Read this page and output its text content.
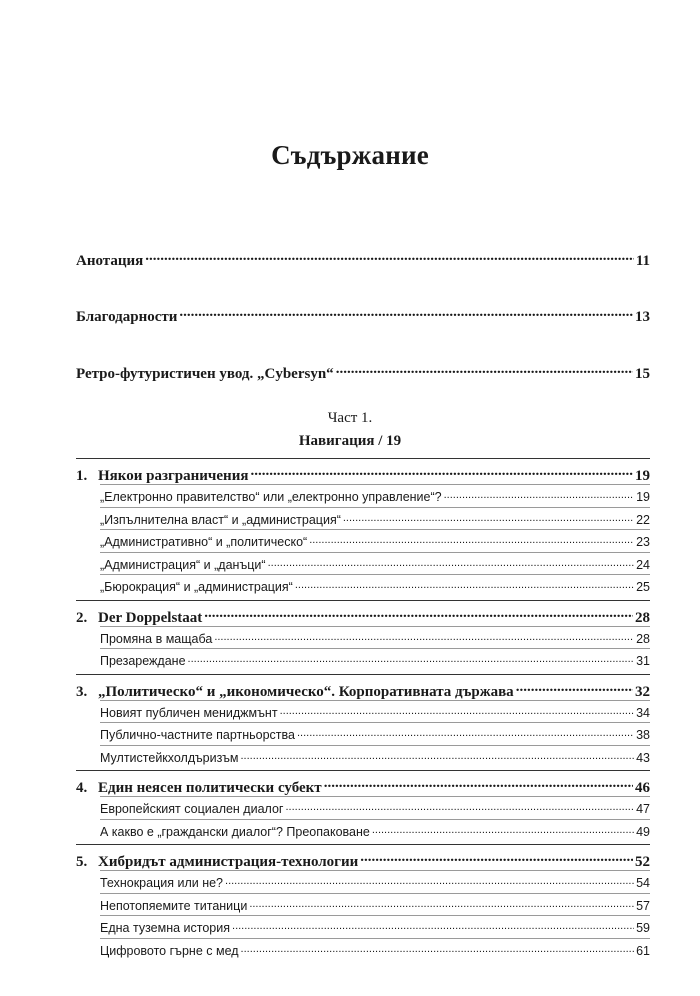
Съдържание
Анотация .....	11
Благодарности .....	13
Ретро-футуристичен увод. „Cybersyn“ .....	15
Част 1.
Навигация / 19
1. Някои разграничения .....	19
„Електронно правителство“ или „електронно управление“? .....	19
„Изпълнителна власт“ и „администрация“ .....	22
„Административно“ и „политическо“ .....	23
„Администрация“ и „данъци“ .....	24
„Бюрокрация“ и „администрация“ .....	25
2. Der Doppelstaat .....	28
Промяна в мащаба .....	28
Презареждане .....	31
3. „Политическо“ и „икономическо“. Корпоративната държава .....	32
Новият публичен мениджмънт .....	34
Публично-частните партньорства .....	38
Мултистейкхолдъризъм .....	43
4. Един неясен политически субект .....	46
Европейският социален диалог .....	47
А какво е „граждански диалог“? Преопаковане .....	49
5. Хибридът администрация-технологии .....	52
Технокрация или не? .....	54
Непотопяемите титаници .....	57
Една туземна история .....	59
Цифровото гърне с мед .....	61
